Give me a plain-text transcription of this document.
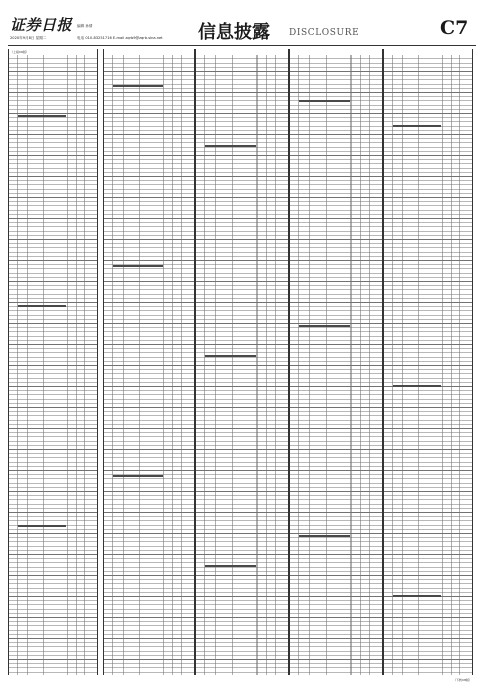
证券日报
2020年9月8日 星期二
编辑 孙倩
电话 010-83251716 E-mail zqrb9@zqrb.sina.net 信息披露 DISCLOSURE	C7
（上接C6版）
（下转C8版）
